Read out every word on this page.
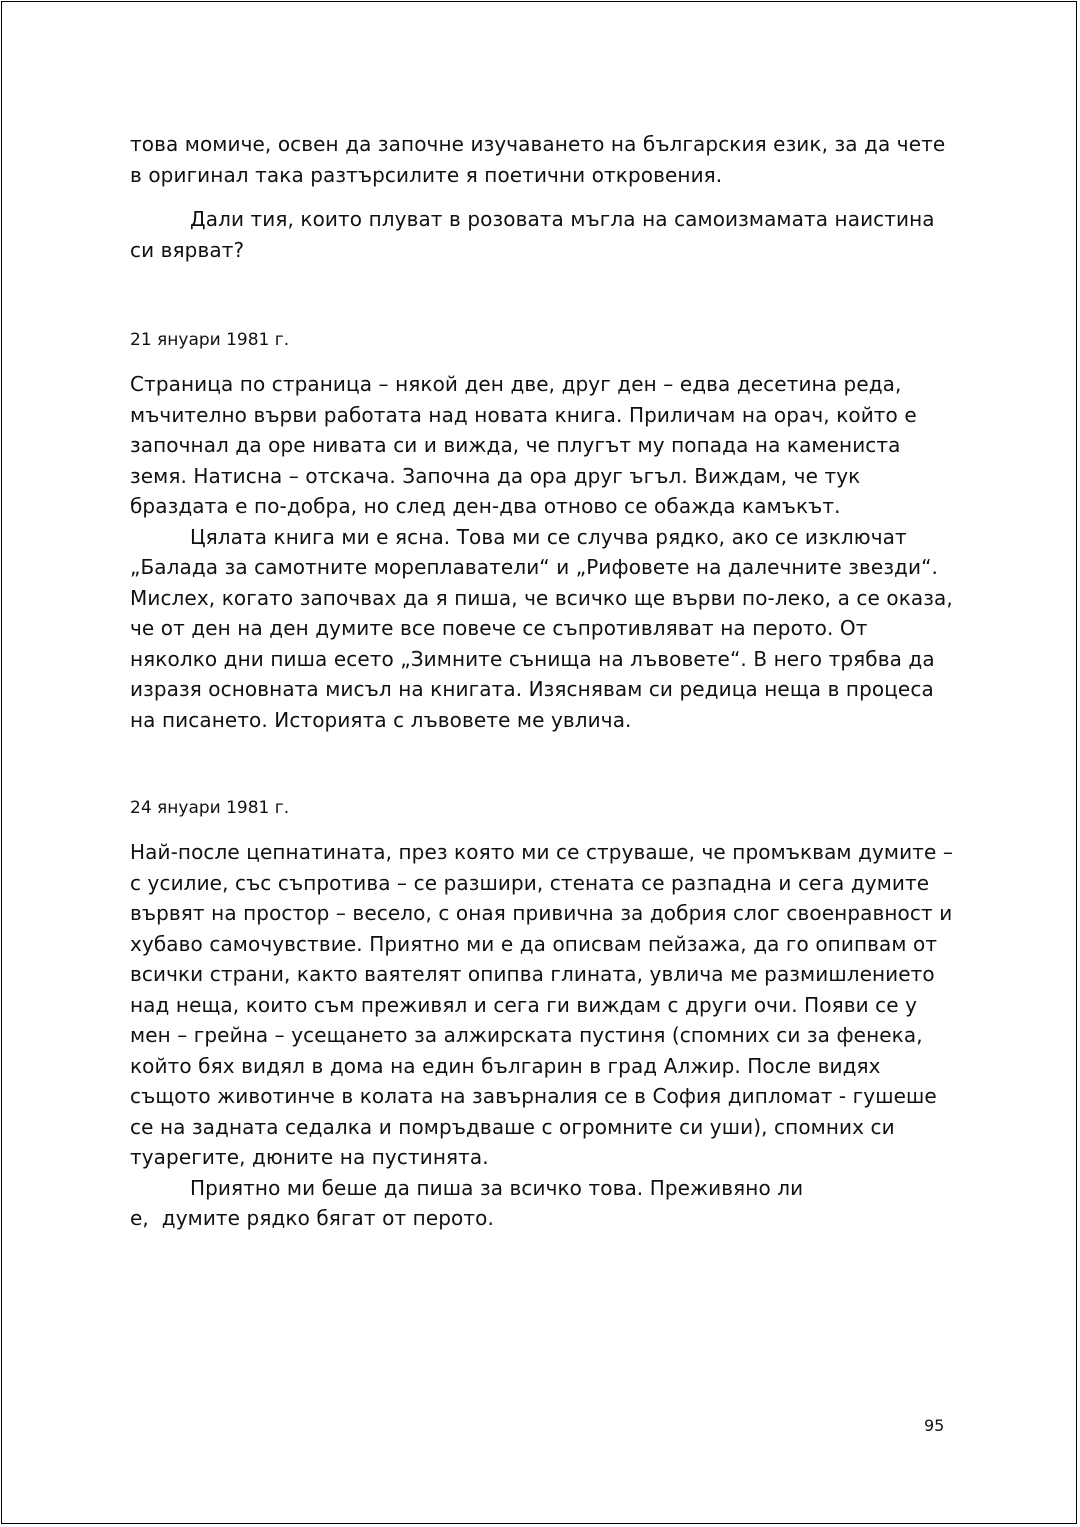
това момиче, освен да започне изучаването на българския език, за да чете в оригинал така разтърсилите я поетични откровения.

Дали тия, които плуват в розовата мъгла на самоизмамата наистина си вярват?

21 януари 1981 г.

Страница по страница – някой ден две, друг ден – едва десетина реда, мъчително върви работата над новата книга. Приличам на орач, който е започнал да оре нивата си и вижда, че плугът му попада на камениста земя. Натисна – отскача. Започна да ора друг ъгъл. Виждам, че тук браздата е по-добра, но след ден-два отново се обажда камъкът.

Цялата книга ми е ясна. Това ми се случва рядко, ако се изключат „Балада за самотните мореплаватели“ и „Рифовете на далечните звезди“. Мислех, когато започвах да я пиша, че всичко ще върви по-леко, а се оказа, че от ден на ден думите все повече се съпротивляват на перото. От няколко дни пиша есето „Зимните сънища на лъвовете“. В него трябва да изразя основната мисъл на книгата. Изяснявам си редица неща в процеса на писането. Историята с лъвовете ме увлича.

24 януари 1981 г.

Най-после цепнатината, през която ми се струваше, че промъквам думите – с усилие, със съпротива – се разшири, стената се разпадна и сега думите вървят на простор – весело, с оная привична за добрия слог своенравност и хубаво самочувствие. Приятно ми е да описвам пейзажа, да го опипвам от всички страни, както ваятелят опипва глината, увлича ме размишлението над неща, които съм преживял и сега ги виждам с други очи. Появи се у мен – грейна – усещането за алжирската пустиня (спомних си за фенека, който бях видял в дома на един българин в град Алжир. После видях същото животинче в колата на завърналия се в София дипломат - гушеше се на задната седалка и помръдваше с огромните си уши), спомних си туарегите, дюните на пустинята.

Приятно ми беше да пиша за всичко това. Преживяно ли

е,  думите рядко бягат от перото.

95
